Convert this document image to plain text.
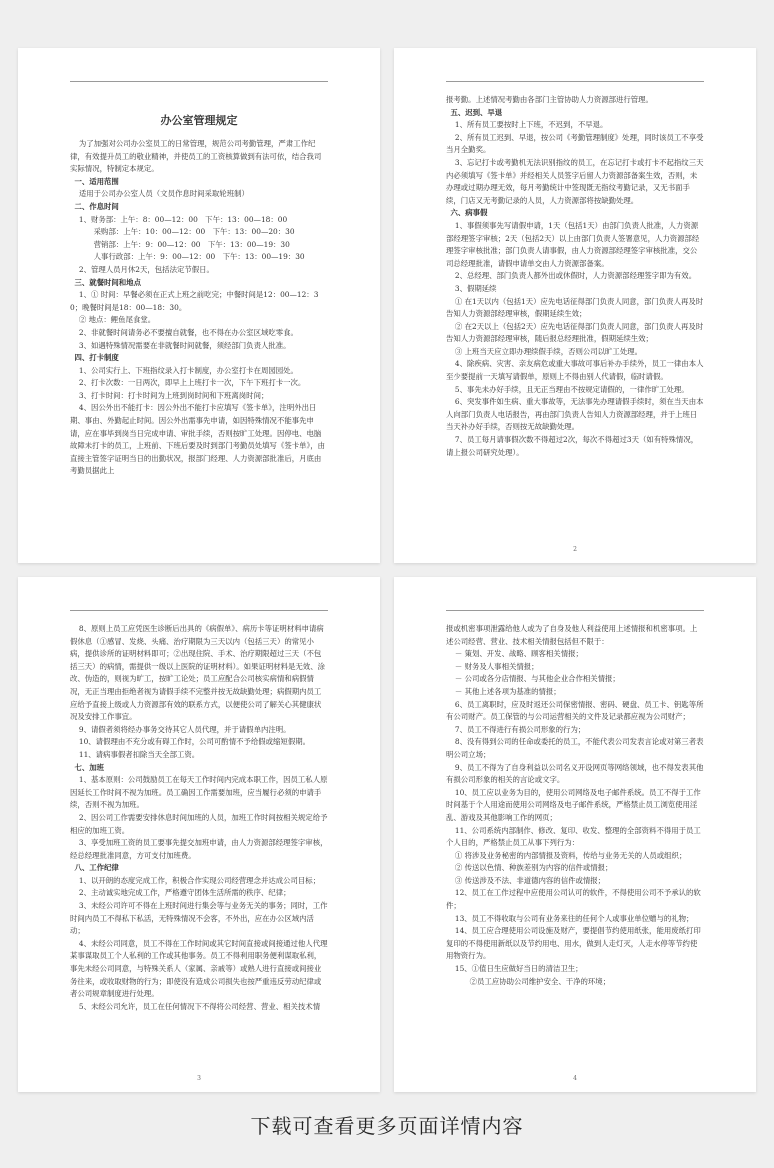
办公室管理规定

为了加强对公司办公室员工的日常管理，规范公司考勤管理，严肃工作纪律，有效提升员工的敬业精神，并使员工的工资核算做到有法可依，结合我司实际情况，特制定本规定。

一、适用范围

适用于公司办公室人员（文员作息时间采取轮班制）

二、作息时间

1、财务部：上午：8：00—12：00　下午：13：00—18：00

　　采购部：上午：10：00—12：00　下午：13：00—20：30

　　营销部：上午：9：00—12：00　下午：13：00—19：30

　　人事行政部：上午：9：00—12：00　下午：13：00—19：30

2、管理人员月休2天，包括法定节假日。

三、就餐时间和地点

1、① 时间：早餐必须在正式上班之前吃完；中餐时间是12：00—12：30；晚餐时间是18：00—18：30。

② 地点：鲤鱼尾食堂。

2、非就餐时间请务必不要擅自就餐，也不得在办公室区域吃零食。

3、如遇特殊情况需要在非就餐时间就餐，须经部门负责人批准。

四、打卡制度

1、公司实行上、下班指纹录入打卡制度，办公室打卡在周园园处。

2、打卡次数：一日两次，即早上上班打卡一次，下午下班打卡一次。

3、打卡时间：打卡时间为上班到岗时间和下班离岗时间；

4、因公外出不能打卡：因公外出不能打卡应填写《签卡单》，注明外出日期、事由、外勤起止时间。因公外出需事先申请，如因特殊情况不能事先申请，应在事毕到岗当日完成申请、审批手续，否则按旷工处理。因停电、电脑故障未打卡的员工，上班前、下班后要及时到部门考勤员处填写《签卡单》，由直接主管签字证明当日的出勤状况，报部门经理、人力资源部批准后，月底由考勤员据此上

报考勤。上述情况考勤由各部门主管协助人力资源部进行管理。

五、迟到、早退

1、所有员工要按时上下班，不迟到，不早退。

2、所有员工迟到、早退，按公司《考勤管理制度》处理，同时该员工不享受当月全勤奖。

3、忘记打卡或考勤机无法识别指纹的员工，在忘记打卡或打卡不起指纹三天内必须填写《签卡单》并经相关人员签字后留人力资源部备案生效，否则，未办理或过期办理无效，每月考勤统计中签现既无指纹考勤记录，又无书面手续，门店又无考勤记录的人员，人力资源部将按缺勤处理。

六、病事假

1、事假须事先写请假申请，1天（包括1天）由部门负责人批准，人力资源部经理签字审核；2天（包括2天）以上由部门负责人签署意见，人力资源部经理签字审核批准；部门负责人请事假，由人力资源部经理签字审核批准，交公司总经理批准，请假申请单交由人力资源部备案。

2、总经理、部门负责人都外出或休假时，人力资源部经理签字即为有效。

3、假期延续

① 在1天以内（包括1天）应先电话征得部门负责人同意，部门负责人再及时告知人力资源部经理审核，假期延续生效；

② 在2天以上（包括2天）应先电话征得部门负责人同意，部门负责人再及时告知人力资源部经理审核，随后报总经理批准，假期延续生效；

③ 上班当天应立即办理续假手续，否则公司以旷工处理。

4、除疾病、灾害、亲友病危或重大事故可事后补办手续外，员工一律由本人至少要提前一天填写请假单，原则上不得由别人代请假，临时请假。

5、事先未办好手续，且无正当理由不按规定请假的，一律作旷工处理。

6、突发事件如生病、重大事故等，无法事先办理请假手续时，须在当天由本人向部门负责人电话报告，再由部门负责人告知人力资源部经理，并于上班日当天补办好手续，否则按无故缺勤处理。

7、员工每月请事假次数不得超过2次，每次不得超过3天（如有特殊情况，请上报公司研究处理）。

2

8、原则上员工应凭医生诊断后出具的《病假单》、病历卡等证明材料申请病假休息（①感冒、发烧、头痛、治疗期限为三天以内（包括三天）的常见小病，提供诊所的证明材料即可；②出现住院、手术、治疗期限超过三天（不包括三天）的病情，需提供一级以上医院的证明材料）。如果证明材料是无效、涂改、伪造的，则视为旷工，按旷工论处；员工应配合公司核实病情和病假情况，无正当理由拒绝者视为请假手续不完整并按无故缺勤处理；病假期内员工应给予直接上级或人力资源部有效的联系方式，以便使公司了解关心其健康状况及安排工作事宜。

9、请假者须将经办事务交待其它人员代理，并于请假单内注明。

10、请假理由不充分或有碍工作时，公司可酌情不予给假或缩短假期。

11、请病事假者扣除当天全部工资。

七、加班

1、基本原则：公司鼓励员工在每天工作时间内完成本职工作，因员工私人原因延长工作时间不视为加班。员工确因工作需要加班，应当履行必须的申请手续，否则不视为加班。

2、因公司工作需要安排休息时间加班的人员，加班工作时间按相关规定给予相应的加班工资。

3、享受加班工资的员工要事先提交加班申请，由人力资源部经理签字审核，经总经理批准同意，方可支付加班费。

八、工作纪律

1、以开朗的态度完成工作，积极合作实现公司经营理念并达成公司目标；

2、主动诚实地完成工作，严格遵守团体生活所需的秩序、纪律；

3、未经公司许可不得在上班时间进行集会等与业务无关的事务；同时，工作时间内员工不得私下私活，无特殊情况不会客，不外出，应在办公区域内活动；

4、未经公司同意，员工不得在工作时间或其它时间直接或间接通过他人代理某事谋取员工个人私利的工作或其他事务。员工不得利用职务便利谋取私利，事先未经公司同意，与特殊关系人（家属、亲戚等）或熟人进行直接或间接业务往来，或收取财物的行为；即使没有造成公司损失也按严重违反劳动纪律或者公司规章制度进行处理。

5、未经公司允许，员工在任何情况下不得将公司经营、营业、相关技术情

3

报或机密事项泄露给他人或为了自身及他人利益使用上述情报和机密事项。上述公司经营、营业、技术相关情报包括但不限于：

－ 策划、开发、战略、顾客相关情报；

－ 财务及人事相关情报；

－ 公司或各分店情报、与其他企业合作相关情报；

－ 其他上述各项为基准的情报；

6、员工离职时，应及时返还公司保密情报、密码、硬盘、员工卡、钥匙等所有公司财产。员工保管的与公司运营相关的文件及记录都应视为公司财产；

7、员工不得进行有损公司形象的行为；

8、没有得到公司的任命或委托的员工，不能代表公司发表言论或对第三者表明公司立场；

9、员工不得为了自身利益以公司名义开设网页等网络领域，也不得发表其他有损公司形象的相关的言论或文字。

10、员工应以业务为目的，使用公司网络及电子邮件系统。员工不得于工作时间基于个人用途而使用公司网络及电子邮件系统，严格禁止员工浏览使用淫乱、游戏及其他影响工作的网页；

11、公司系统内部制作、修改、复印、收发、整理的全部资料不得用于员工个人目的，严格禁止员工从事下列行为：

① 将涉及业务秘密的内部情报及资料，传给与业务无关的人员或组织；

② 传送以色情、种族差别为内容的信件或情报；

③ 传送涉及不法、非道德内容的信件或情报；

12、员工在工作过程中应使用公司认可的软件，不得使用公司不予承认的软件；

13、员工不得收取与公司有业务来往的任何个人或事业单位赠与的礼物；

14、员工应合理使用公司设施及财产，要提倡节约使用纸张，能用废纸打印复印的不得使用新纸以及节约用电、用水，做到人走灯灭，人走水停等节约使用物资行为。

15、①值日生应做好当日的清洁卫生；

　　②员工应协助公司维护安全、干净的环境；

4
下载可查看更多页面详情内容
